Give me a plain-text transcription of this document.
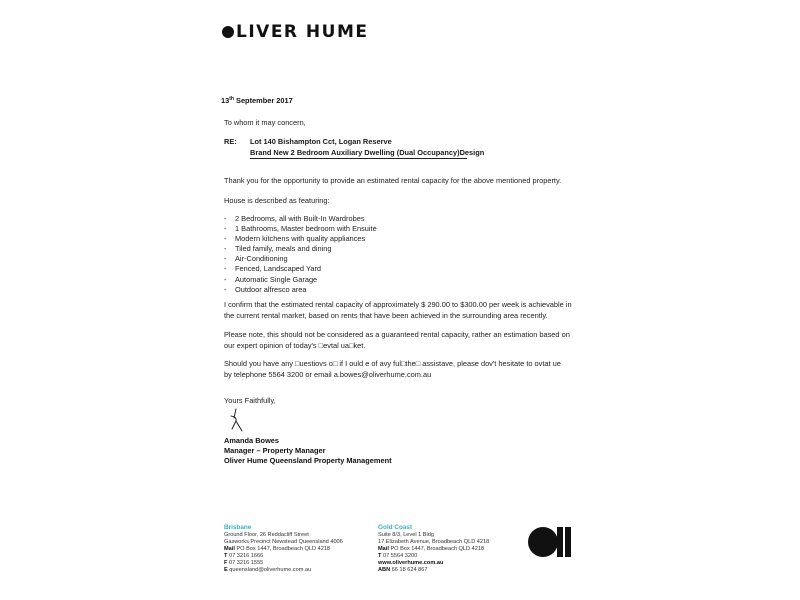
LIVER HUME
13th September 2017
To whom it may concern,
RE: Lot 140 Bishampton Cct, Logan Reserve
Brand New 2 Bedroom Auxiliary Dwelling (Dual Occupancy)Design
Thank you for the opportunity to provide an estimated rental capacity for the above mentioned property.
House is described as featuring:
- 2 Bedrooms, all with Built-In Wardrobes
- 1 Bathrooms, Master bedroom with Ensuite
- Modern kitchens with quality appliances
- Tiled family, meals and dining
- Air-Conditioning
- Fenced, Landscaped Yard
- Automatic Single Garage
- Outdoor alfresco area
I confirm that the estimated rental capacity of approximately $ 290.00 to $300.00 per week is achievable in
the current rental market, based on rents that have been achieved in the surrounding area recently.
Please note, this should not be considered as a guaranteed rental capacity, rather an estimation based on
our expert opinion of today's □evtal ua□ket.
Should you have any □uestiovs o□ if I ould e of avy ful□the□ assistave, please dov't hesitate to ovtat ue
by telephone 5564 3200 or email a.bowes@oliverhume.com.au
Yours Faithfully,
Amanda Bowes
Manager – Property Manager
Oliver Hume Queensland Property Management
Brisbane
Ground Floor, 26 Reddacliff Street
Gasworks Precinct Newstead Queensland 4006
Mail PO Box 1447, Broadbeach QLD 4218
T 07 3216 1666
F 07 3216 1555
E queensland@oliverhume.com.au
Gold Coast
Suite 8/3, Level 1 Bldg
17 Elizabeth Avenue, Broadbeach QLD 4218
Mail PO Box 1447, Broadbeach QLD 4218
T 07 5564 3200
www.oliverhume.com.au
ABN 66 18 624 867
